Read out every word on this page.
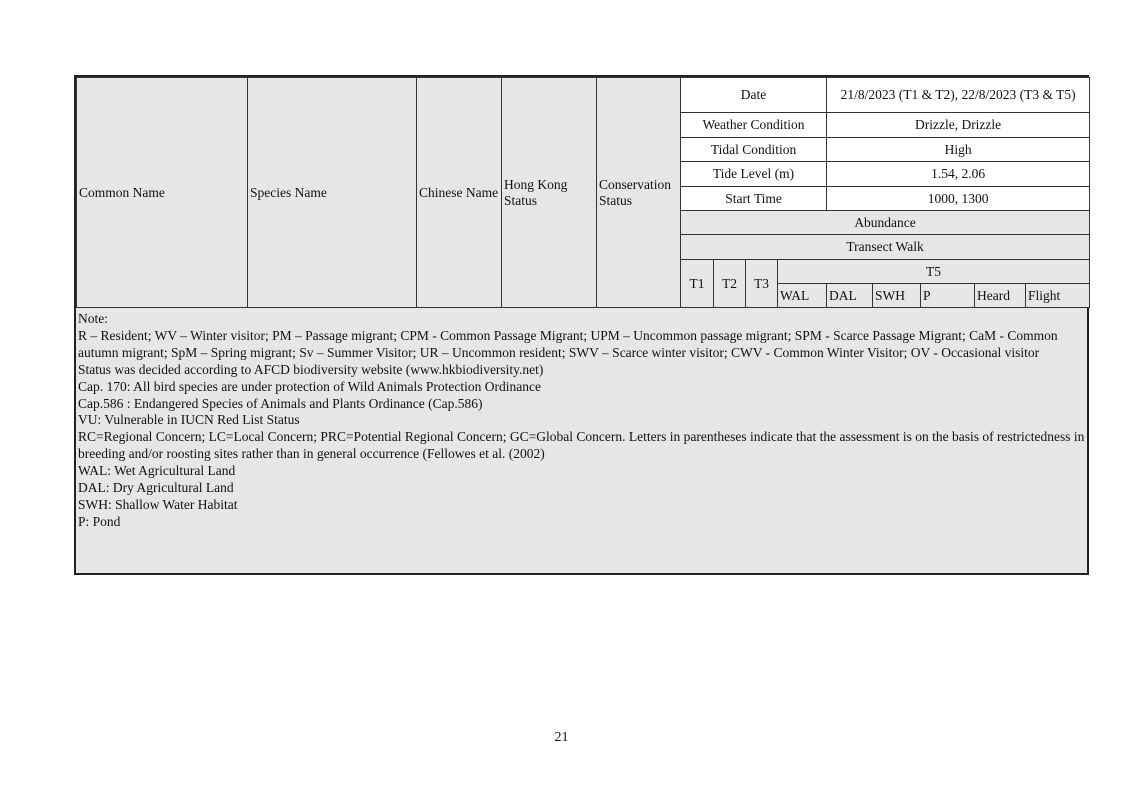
Common Name	Species Name	Chinese Name	Hong Kong Status	Conservation Status	Date				21/8/2023 (T1 & T2), 22/8/2023 (T3 & T5)				
					Weather Condition				Drizzle, Drizzle				
					Tidal Condition				High				
					Tide Level (m)				1.54, 2.06				
					Start Time				1000, 1300				
					Abundance								
					Transect Walk								
					T1	T2	T3	T5					
								WAL	DAL	SWH	P	Heard	Flight
Note:
R – Resident; WV – Winter visitor; PM – Passage migrant; CPM - Common Passage Migrant; UPM – Uncommon passage migrant; SPM - Scarce Passage Migrant; CaM - Common autumn migrant; SpM – Spring migrant; Sv – Summer Visitor; UR – Uncommon resident; SWV – Scarce winter visitor; CWV - Common Winter Visitor; OV - Occasional visitor
Status was decided according to AFCD biodiversity website (www.hkbiodiversity.net)
Cap. 170: All bird species are under protection of Wild Animals Protection Ordinance
Cap.586 : Endangered Species of Animals and Plants Ordinance (Cap.586)
VU: Vulnerable in IUCN Red List Status
RC=Regional Concern; LC=Local Concern; PRC=Potential Regional Concern; GC=Global Concern. Letters in parentheses indicate that the assessment is on the basis of restrictedness in breeding and/or roosting sites rather than in general occurrence (Fellowes et al. (2002)
WAL: Wet Agricultural Land
DAL: Dry Agricultural Land
SWH: Shallow Water Habitat
P: Pond
21
